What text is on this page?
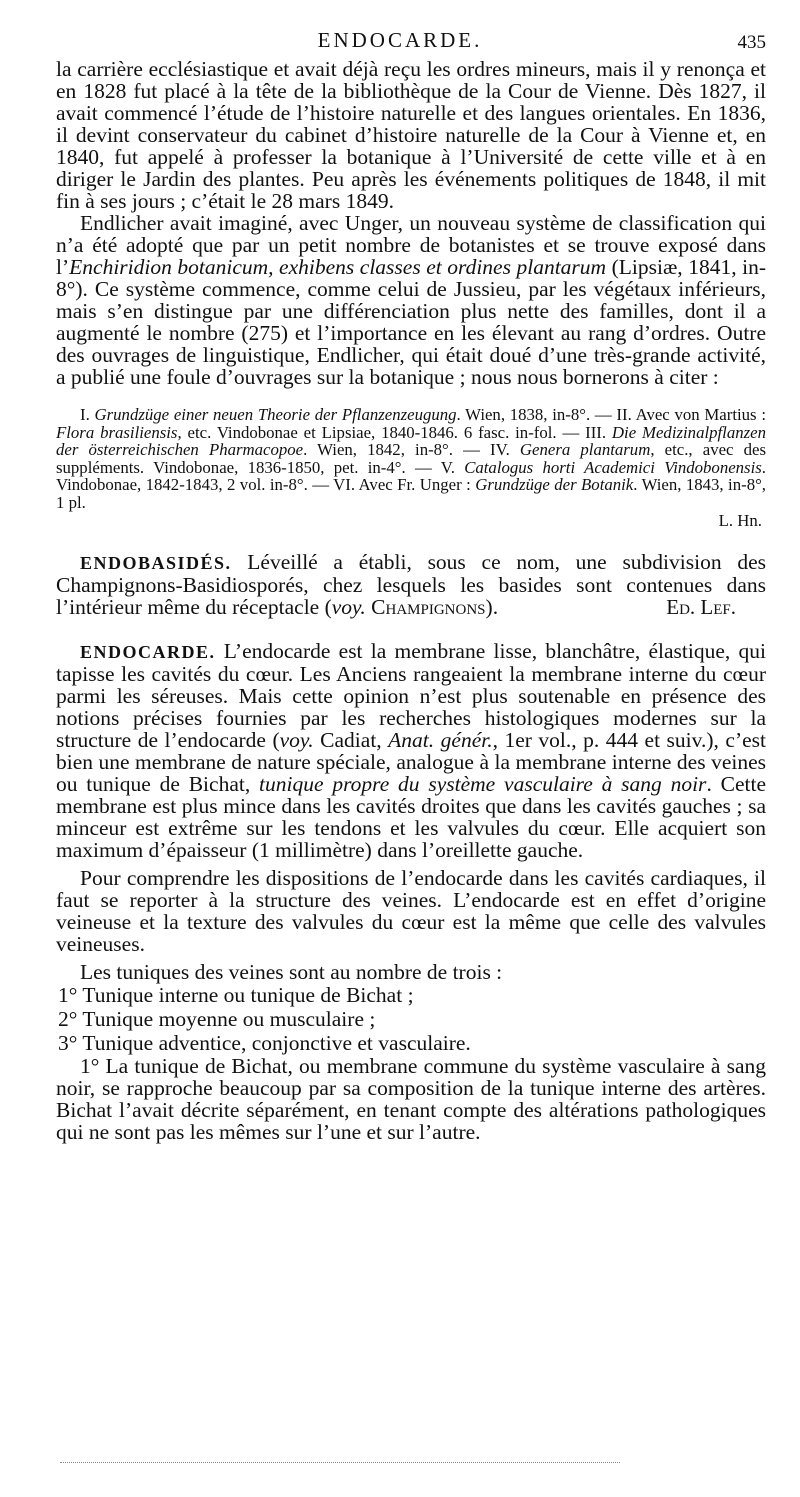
ENDOCARDE.	435

la carrière ecclésiastique et avait déjà reçu les ordres mineurs, mais il y renonça et en 1828 fut placé à la tête de la bibliothèque de la Cour de Vienne. Dès 1827, il avait commencé l’étude de l’histoire naturelle et des langues orientales. En 1836, il devint conservateur du cabinet d’histoire naturelle de la Cour à Vienne et, en 1840, fut appelé à professer la botanique à l’Université de cette ville et à en diriger le Jardin des plantes. Peu après les événements politiques de 1848, il mit fin à ses jours ; c’était le 28 mars 1849.

Endlicher avait imaginé, avec Unger, un nouveau système de classification qui n’a été adopté que par un petit nombre de botanistes et se trouve exposé dans l’Enchiridion botanicum, exhibens classes et ordines plantarum (Lipsiæ, 1841, in-8°). Ce système commence, comme celui de Jussieu, par les végétaux inférieurs, mais s’en distingue par une différenciation plus nette des familles, dont il a augmenté le nombre (275) et l’importance en les élevant au rang d’ordres. Outre des ouvrages de linguistique, Endlicher, qui était doué d’une très-grande activité, a publié une foule d’ouvrages sur la botanique ; nous nous bornerons à citer :

I. Grundzüge einer neuen Theorie der Pflanzenzeugung. Wien, 1838, in-8°. — II. Avec von Martius : Flora brasiliensis, etc. Vindobonae et Lipsiae, 1840-1846. 6 fasc. in-fol. — III. Die Medizinalpflanzen der österreichischen Pharmacopoe. Wien, 1842, in-8°. — IV. Genera plantarum, etc., avec des suppléments. Vindobonae, 1836-1850, pet. in-4°. — V. Catalogus horti Academici Vindobonensis. Vindobonae, 1842-1843, 2 vol. in-8°. — VI. Avec Fr. Unger : Grundzüge der Botanik. Wien, 1843, in-8°, 1 pl.

L. Hn.

ENDOBASIDÉS. Léveillé a établi, sous ce nom, une subdivision des Champignons-Basidiosporés, chez lesquels les basides sont contenues dans l’intérieur même du réceptacle (voy. Champignons).	Ed. Lef.

ENDOCARDE. L’endocarde est la membrane lisse, blanchâtre, élastique, qui tapisse les cavités du cœur. Les Anciens rangeaient la membrane interne du cœur parmi les séreuses. Mais cette opinion n’est plus soutenable en présence des notions précises fournies par les recherches histologiques modernes sur la structure de l’endocarde (voy. Cadiat, Anat. génér., 1er vol., p. 444 et suiv.), c’est bien une membrane de nature spéciale, analogue à la membrane interne des veines ou tunique de Bichat, tunique propre du système vasculaire à sang noir. Cette membrane est plus mince dans les cavités droites que dans les cavités gauches ; sa minceur est extrême sur les tendons et les valvules du cœur. Elle acquiert son maximum d’épaisseur (1 millimètre) dans l’oreillette gauche.

Pour comprendre les dispositions de l’endocarde dans les cavités cardiaques, il faut se reporter à la structure des veines. L’endocarde est en effet d’origine veineuse et la texture des valvules du cœur est la même que celle des valvules veineuses.

Les tuniques des veines sont au nombre de trois :

1° Tunique interne ou tunique de Bichat ;
2° Tunique moyenne ou musculaire ;
3° Tunique adventice, conjonctive et vasculaire.

1° La tunique de Bichat, ou membrane commune du système vasculaire à sang noir, se rapproche beaucoup par sa composition de la tunique interne des artères. Bichat l’avait décrite séparément, en tenant compte des altérations pathologiques qui ne sont pas les mêmes sur l’une et sur l’autre.
